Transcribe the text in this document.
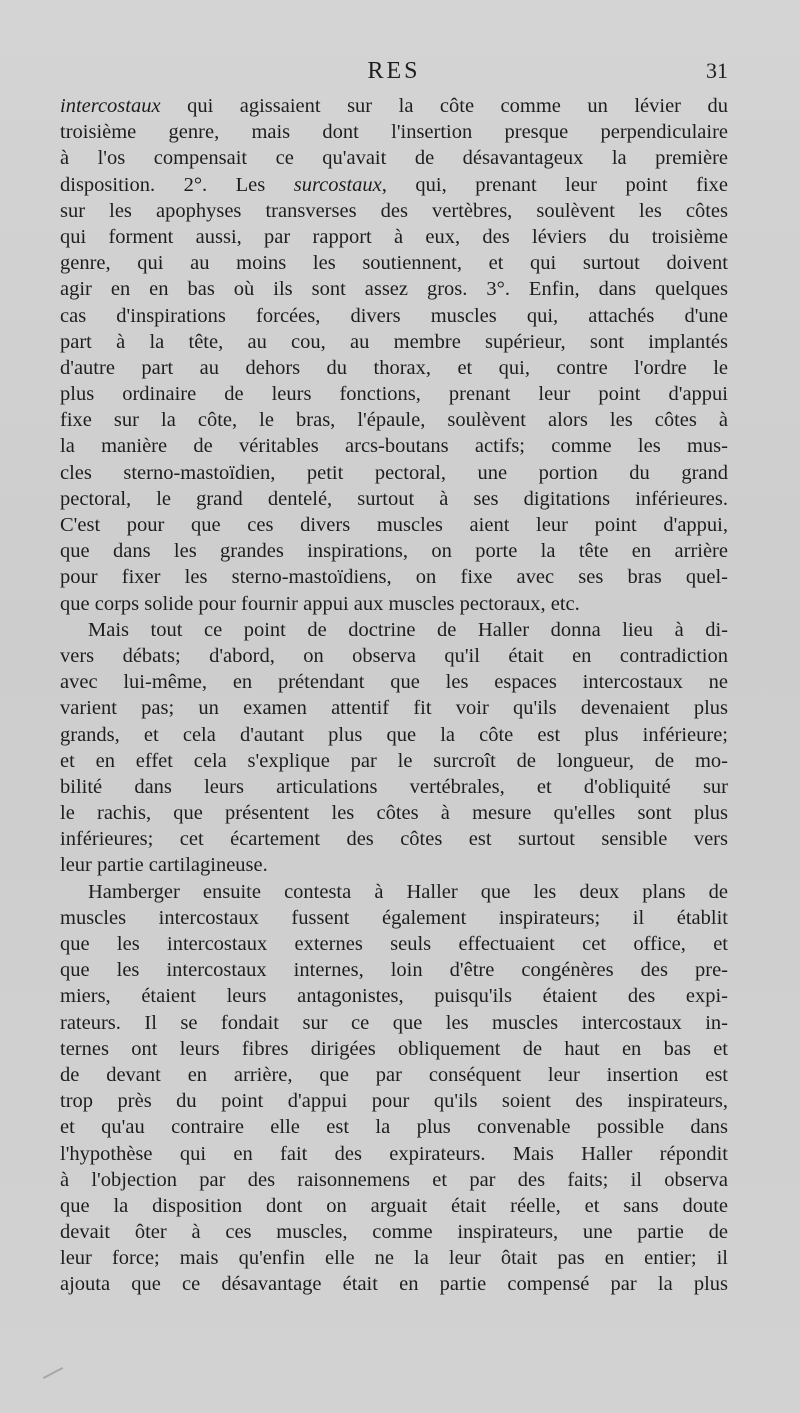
RES	31
intercostaux qui agissaient sur la côte comme un lévier du
troisième genre, mais dont l'insertion presque perpendiculaire
à l'os compensait ce qu'avait de désavantageux la première
disposition. 2°. Les surcostaux, qui, prenant leur point fixe
sur les apophyses transverses des vertèbres, soulèvent les côtes
qui forment aussi, par rapport à eux, des léviers du troisième
genre, qui au moins les soutiennent, et qui surtout doivent
agir en en bas où ils sont assez gros. 3°. Enfin, dans quelques
cas d'inspirations forcées, divers muscles qui, attachés d'une
part à la tête, au cou, au membre supérieur, sont implantés
d'autre part au dehors du thorax, et qui, contre l'ordre le
plus ordinaire de leurs fonctions, prenant leur point d'appui
fixe sur la côte, le bras, l'épaule, soulèvent alors les côtes à
la manière de véritables arcs-boutans actifs; comme les mus-
cles sterno-mastoïdien, petit pectoral, une portion du grand
pectoral, le grand dentelé, surtout à ses digitations inférieures.
C'est pour que ces divers muscles aient leur point d'appui,
que dans les grandes inspirations, on porte la tête en arrière
pour fixer les sterno-mastoïdiens, on fixe avec ses bras quel-
que corps solide pour fournir appui aux muscles pectoraux, etc.
Mais tout ce point de doctrine de Haller donna lieu à di-
vers débats; d'abord, on observa qu'il était en contradiction
avec lui-même, en prétendant que les espaces intercostaux ne
varient pas; un examen attentif fit voir qu'ils devenaient plus
grands, et cela d'autant plus que la côte est plus inférieure;
et en effet cela s'explique par le surcroît de longueur, de mo-
bilité dans leurs articulations vertébrales, et d'obliquité sur
le rachis, que présentent les côtes à mesure qu'elles sont plus
inférieures; cet écartement des côtes est surtout sensible vers
leur partie cartilagineuse.
Hamberger ensuite contesta à Haller que les deux plans de
muscles intercostaux fussent également inspirateurs; il établit
que les intercostaux externes seuls effectuaient cet office, et
que les intercostaux internes, loin d'être congénères des pre-
miers, étaient leurs antagonistes, puisqu'ils étaient des expi-
rateurs. Il se fondait sur ce que les muscles intercostaux in-
ternes ont leurs fibres dirigées obliquement de haut en bas et
de devant en arrière, que par conséquent leur insertion est
trop près du point d'appui pour qu'ils soient des inspirateurs,
et qu'au contraire elle est la plus convenable possible dans
l'hypothèse qui en fait des expirateurs. Mais Haller répondit
à l'objection par des raisonnemens et par des faits; il observa
que la disposition dont on arguait était réelle, et sans doute
devait ôter à ces muscles, comme inspirateurs, une partie de
leur force; mais qu'enfin elle ne la leur ôtait pas en entier; il
ajouta que ce désavantage était en partie compensé par la plus
